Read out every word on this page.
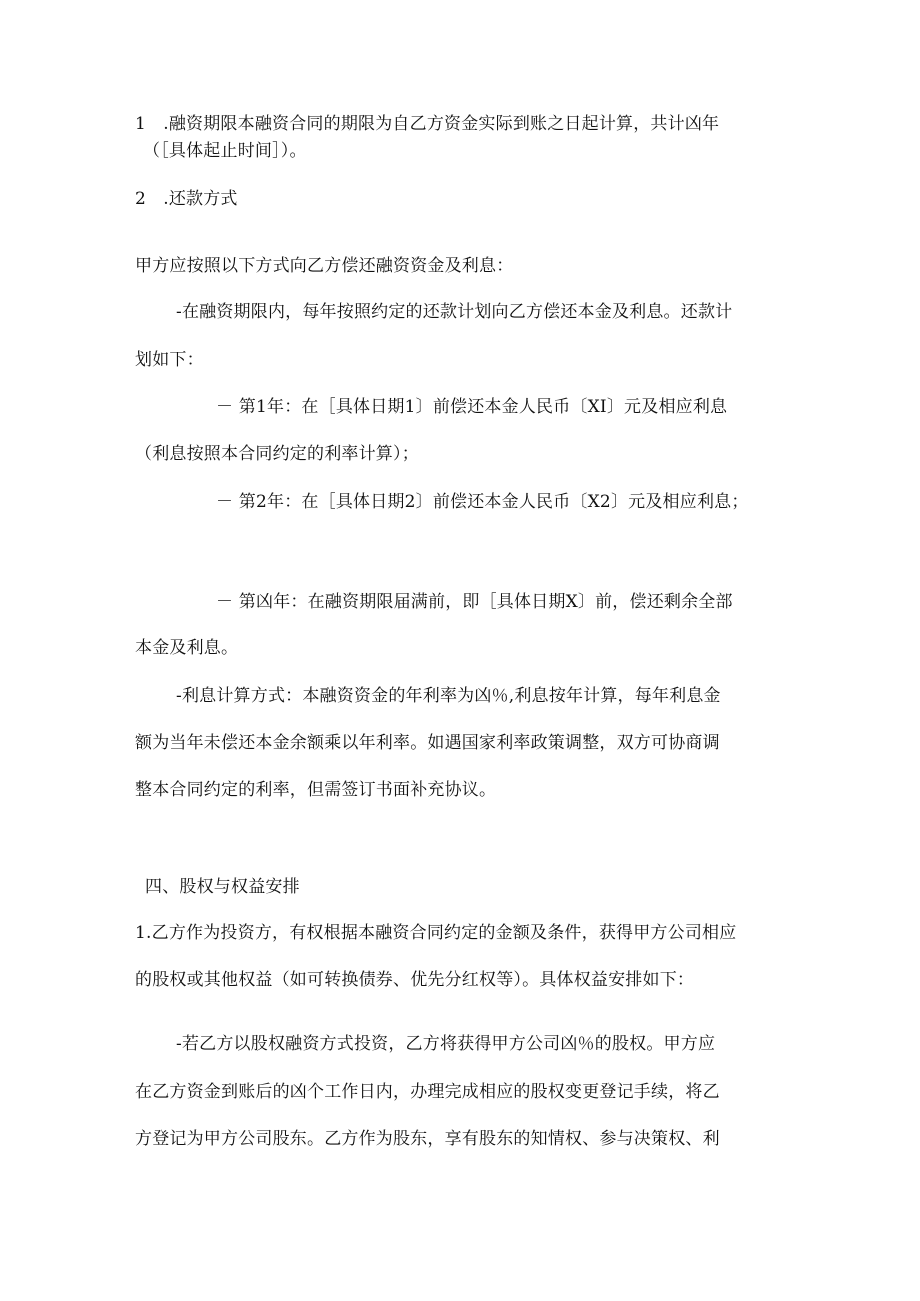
1　.融资期限本融资合同的期限为自乙方资金实际到账之日起计算，共计凶年
（［具体起止时间］）。
2　.还款方式
甲方应按照以下方式向乙方偿还融资资金及利息：
-在融资期限内，每年按照约定的还款计划向乙方偿还本金及利息。还款计
划如下：
－ 第1年：在［具体日期1〕前偿还本金人民币〔XI〕元及相应利息
（利息按照本合同约定的利率计算）；
－ 第2年：在［具体日期2〕前偿还本金人民币〔X2〕元及相应利息；
－ 第凶年：在融资期限届满前，即［具体日期X〕前，偿还剩余全部
本金及利息。
-利息计算方式：本融资资金的年利率为凶％,利息按年计算，每年利息金
额为当年未偿还本金余额乘以年利率。如遇国家利率政策调整，双方可协商调
整本合同约定的利率，但需签订书面补充协议。
四、股权与权益安排
1.乙方作为投资方，有权根据本融资合同约定的金额及条件，获得甲方公司相应
的股权或其他权益（如可转换债券、优先分红权等）。具体权益安排如下：
-若乙方以股权融资方式投资，乙方将获得甲方公司凶％的股权。甲方应
在乙方资金到账后的凶个工作日内，办理完成相应的股权变更登记手续，将乙
方登记为甲方公司股东。乙方作为股东，享有股东的知情权、参与决策权、利
